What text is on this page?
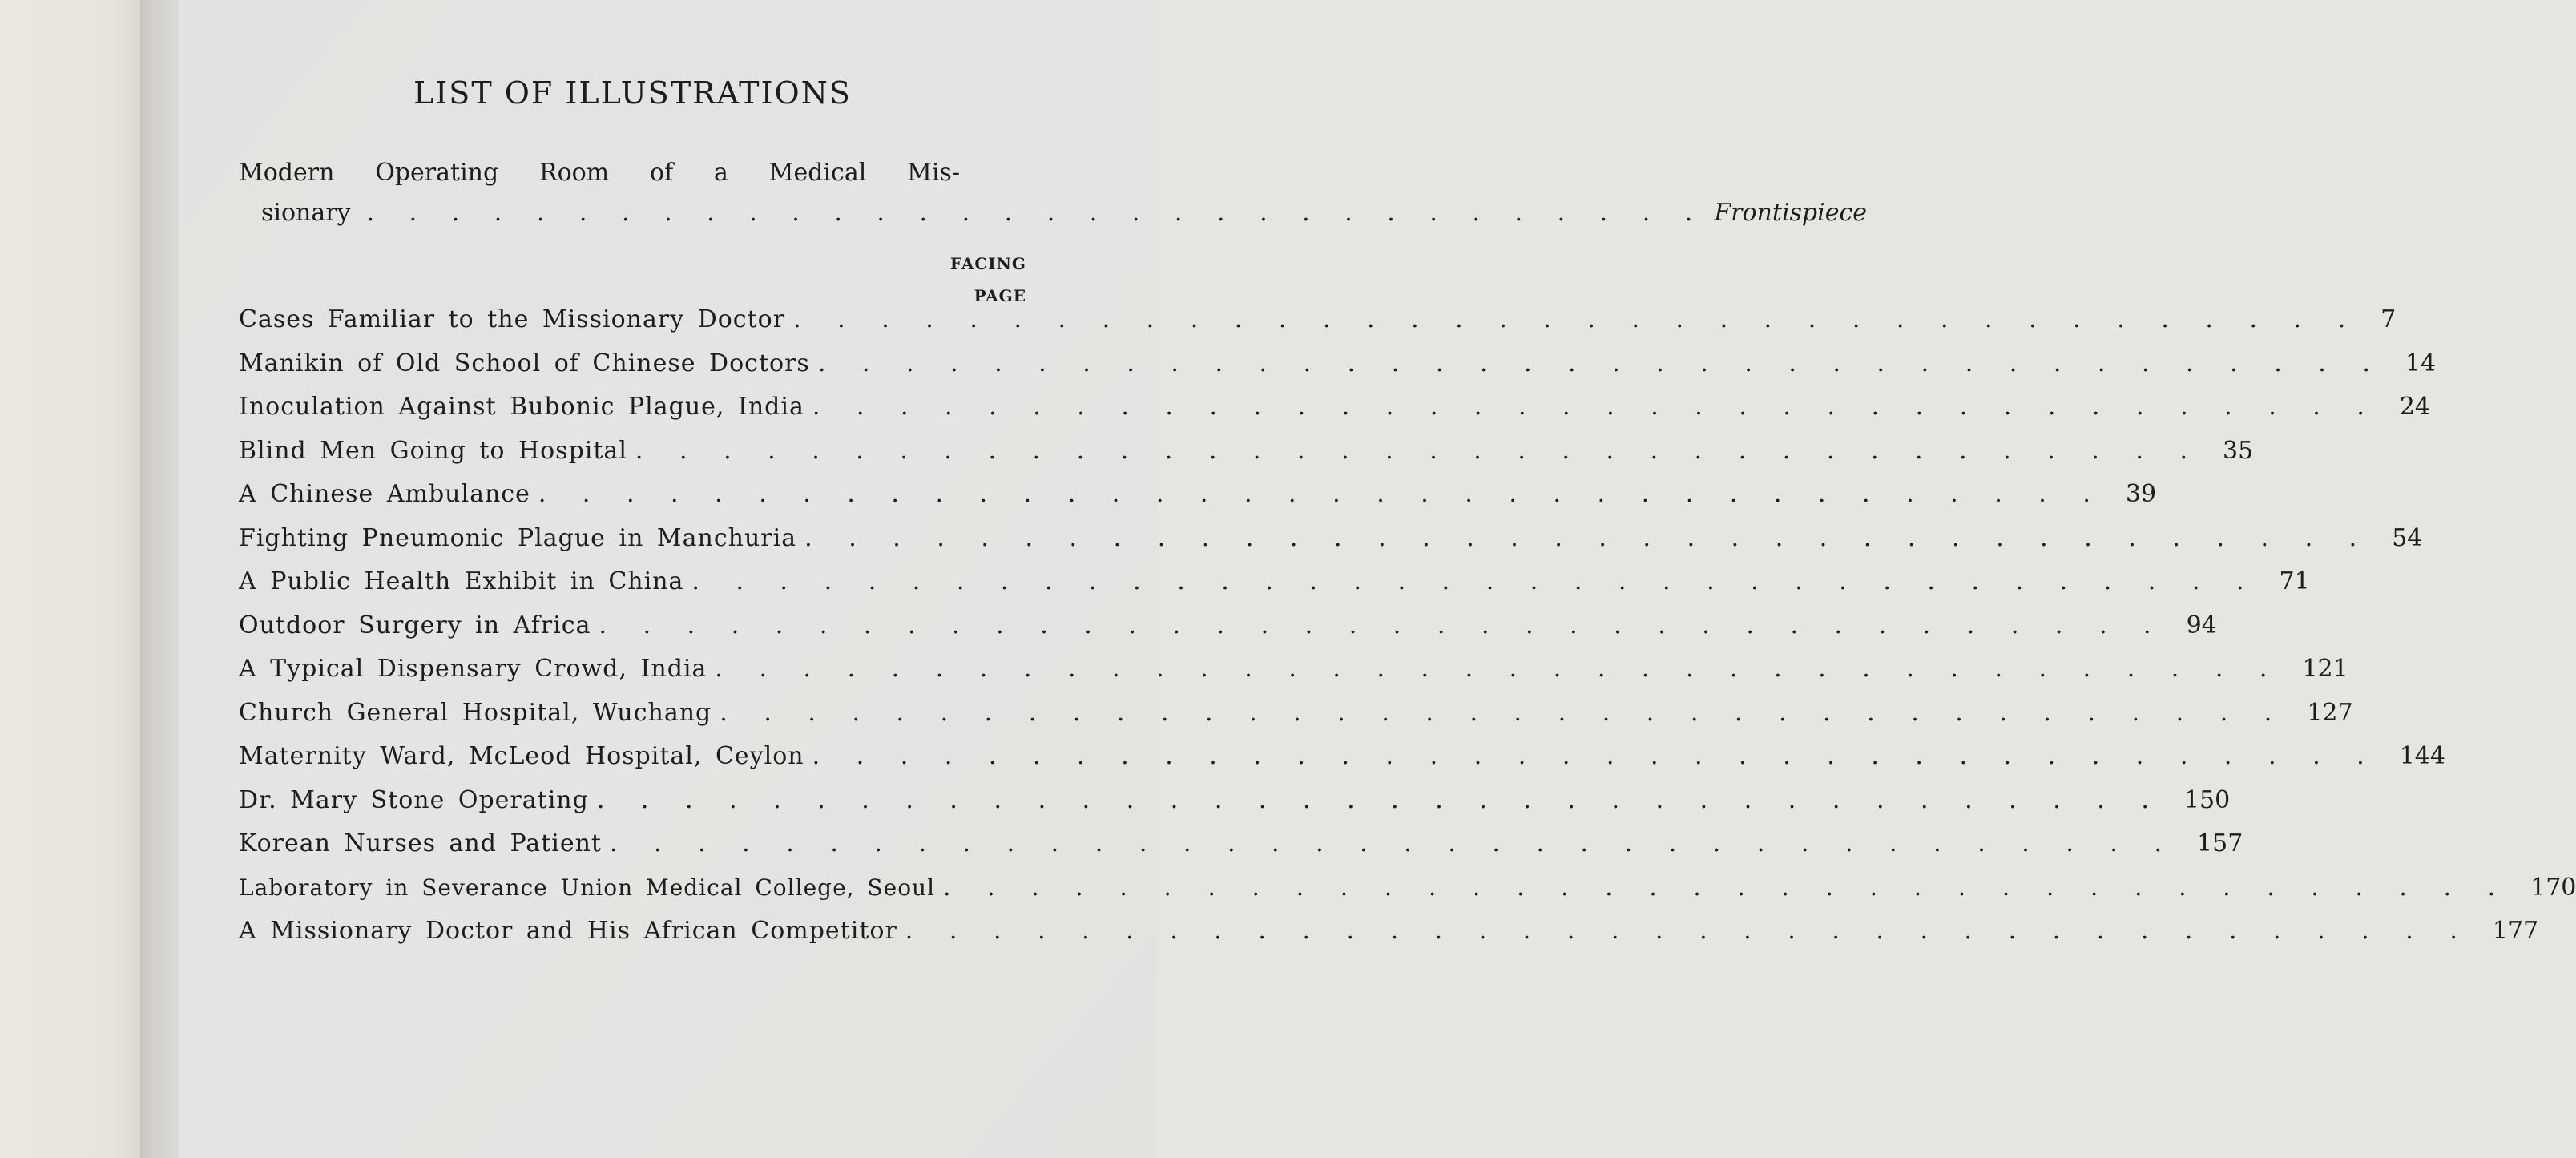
LIST OF ILLUSTRATIONS
Modern Operating Room of a Medical Mis-
sionary . . . . . . . . . . . . . . . . . . . . . . . . . . . . . . . . Frontispiece
FACING

PAGE
Cases Familiar to the Missionary Doctor . . . . . . . . . . . . . . . . . . . . . . . . . . . . . . . . . . . . 7
Manikin of Old School of Chinese Doctors . . . . . . . . . . . . . . . . . . . . . . . . . . . . . . . . . . . . 14
Inoculation Against Bubonic Plague, India . . . . . . . . . . . . . . . . . . . . . . . . . . . . . . . . . . . . 24
Blind Men Going to Hospital . . . . . . . . . . . . . . . . . . . . . . . . . . . . . . . . . . . . 35
A Chinese Ambulance . . . . . . . . . . . . . . . . . . . . . . . . . . . . . . . . . . . . 39
Fighting Pneumonic Plague in Manchuria . . . . . . . . . . . . . . . . . . . . . . . . . . . . . . . . . . . . 54
A Public Health Exhibit in China . . . . . . . . . . . . . . . . . . . . . . . . . . . . . . . . . . . . 71
Outdoor Surgery in Africa . . . . . . . . . . . . . . . . . . . . . . . . . . . . . . . . . . . . 94
A Typical Dispensary Crowd, India . . . . . . . . . . . . . . . . . . . . . . . . . . . . . . . . . . . . 121
Church General Hospital, Wuchang . . . . . . . . . . . . . . . . . . . . . . . . . . . . . . . . . . . . 127
Maternity Ward, McLeod Hospital, Ceylon . . . . . . . . . . . . . . . . . . . . . . . . . . . . . . . . . . . . 144
Dr. Mary Stone Operating . . . . . . . . . . . . . . . . . . . . . . . . . . . . . . . . . . . . 150
Korean Nurses and Patient . . . . . . . . . . . . . . . . . . . . . . . . . . . . . . . . . . . . 157
Laboratory in Severance Union Medical College, Seoul . . . . . . . . . . . . . . . . . . . . . . . . . . . . . . . . . . . . 170
A Missionary Doctor and His African Competitor . . . . . . . . . . . . . . . . . . . . . . . . . . . . . . . . . . . . 177
